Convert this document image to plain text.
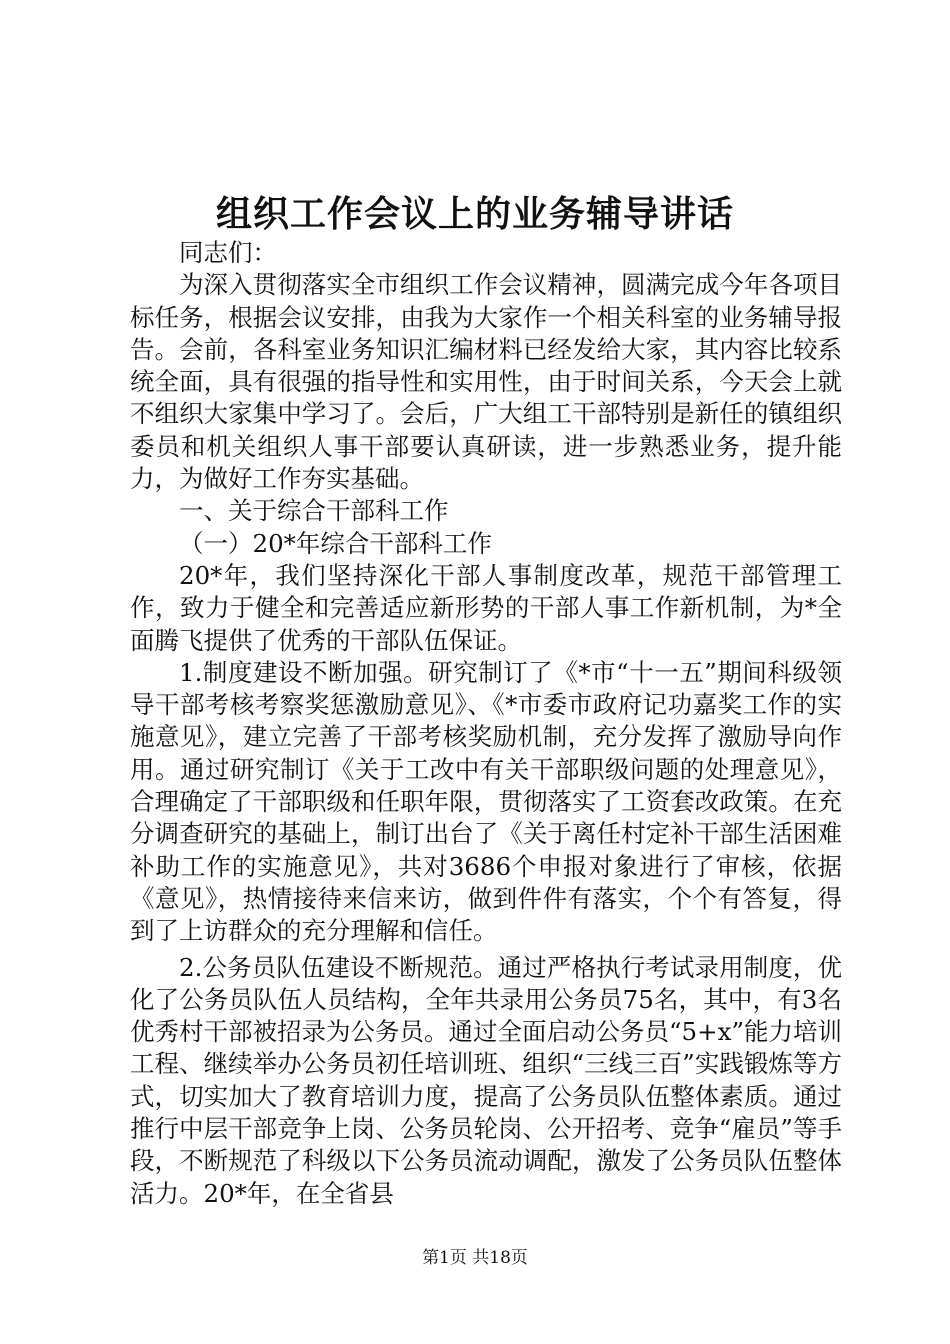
组织工作会议上的业务辅导讲话

同志们：

为深入贯彻落实全市组织工作会议精神，圆满完成今年各项目标任务，根据会议安排，由我为大家作一个相关科室的业务辅导报告。会前，各科室业务知识汇编材料已经发给大家，其内容比较系统全面，具有很强的指导性和实用性，由于时间关系，今天会上就不组织大家集中学习了。会后，广大组工干部特别是新任的镇组织委员和机关组织人事干部要认真研读，进一步熟悉业务，提升能力，为做好工作夯实基础。

一、关于综合干部科工作

（一）20*年综合干部科工作

20*年，我们坚持深化干部人事制度改革，规范干部管理工作，致力于健全和完善适应新形势的干部人事工作新机制，为*全面腾飞提供了优秀的干部队伍保证。

1.制度建设不断加强。研究制订了《*市“十一五”期间科级领导干部考核考察奖惩激励意见》、《*市委市政府记功嘉奖工作的实施意见》，建立完善了干部考核奖励机制，充分发挥了激励导向作用。通过研究制订《关于工改中有关干部职级问题的处理意见》，合理确定了干部职级和任职年限，贯彻落实了工资套改政策。在充分调查研究的基础上，制订出台了《关于离任村定补干部生活困难补助工作的实施意见》，共对3686个申报对象进行了审核，依据《意见》，热情接待来信来访，做到件件有落实，个个有答复，得到了上访群众的充分理解和信任。

2.公务员队伍建设不断规范。通过严格执行考试录用制度，优化了公务员队伍人员结构，全年共录用公务员75名，其中，有3名优秀村干部被招录为公务员。通过全面启动公务员“5+x”能力培训工程、继续举办公务员初任培训班、组织“三线三百”实践锻炼等方式，切实加大了教育培训力度，提高了公务员队伍整体素质。通过推行中层干部竞争上岗、公务员轮岗、公开招考、竞争“雇员”等手段，不断规范了科级以下公务员流动调配，激发了公务员队伍整体活力。20*年，在全省县

第1页 共18页
